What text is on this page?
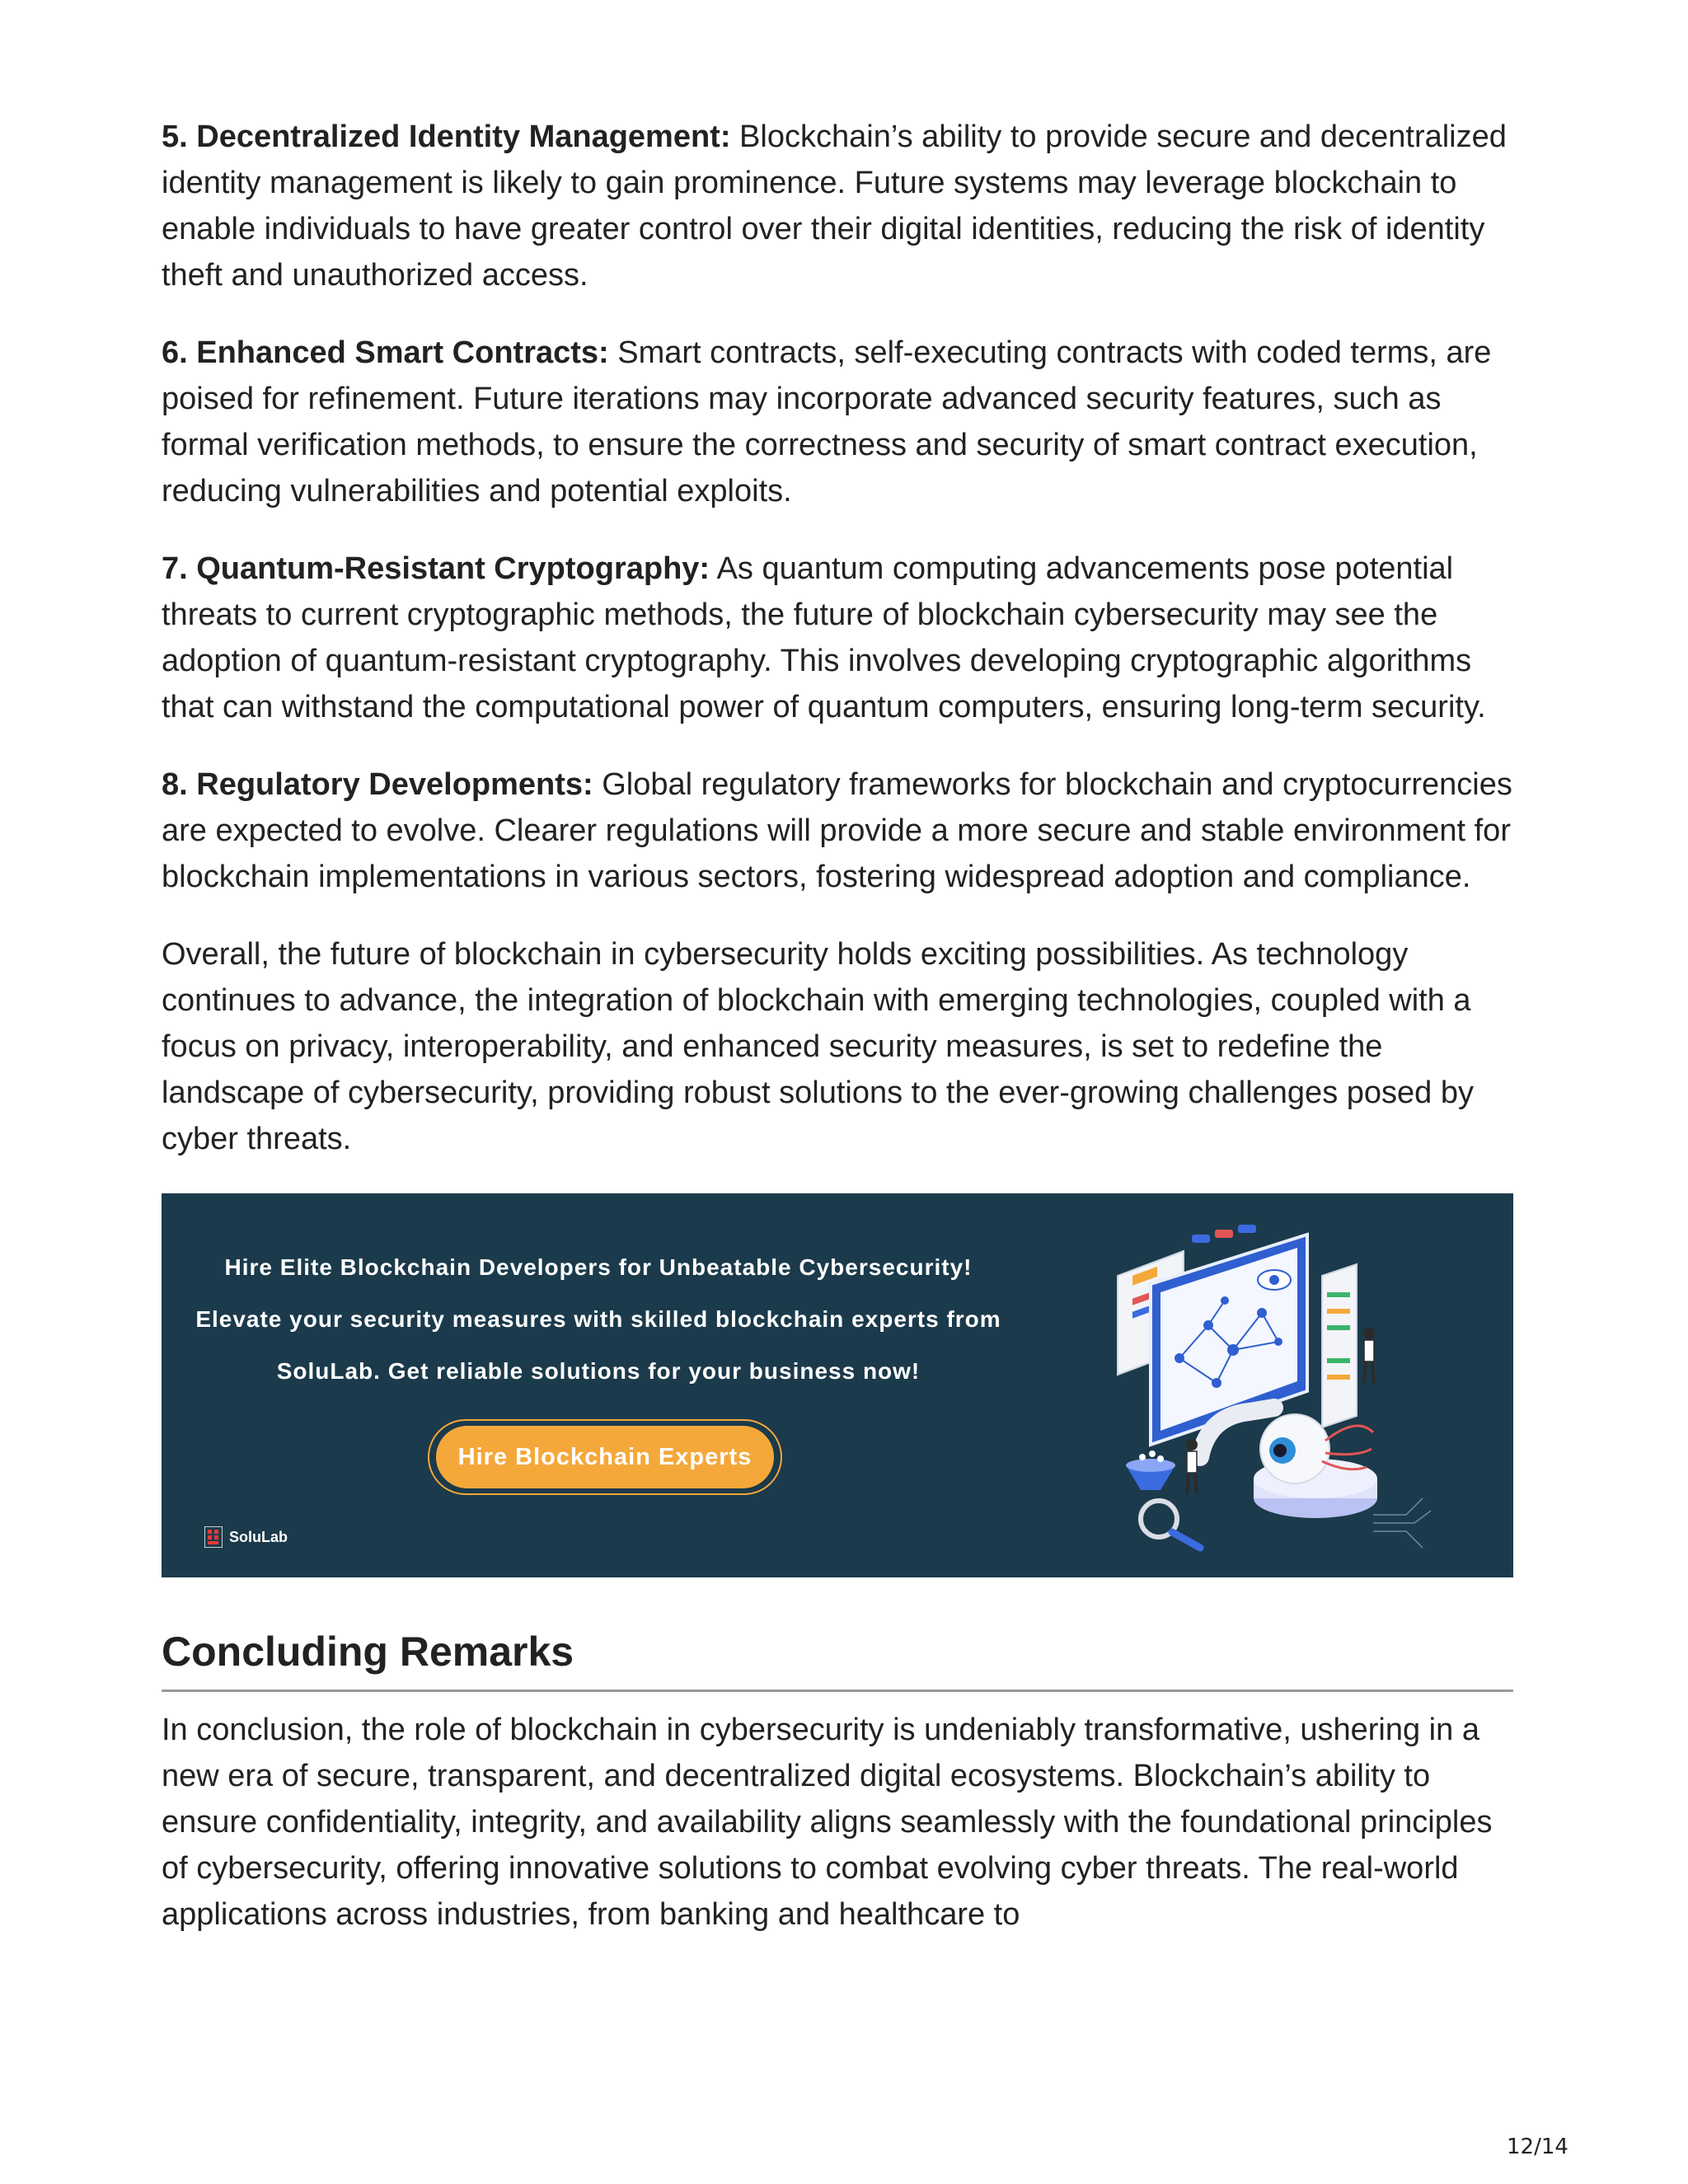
5. Decentralized Identity Management: Blockchain’s ability to provide secure and decentralized identity management is likely to gain prominence. Future systems may leverage blockchain to enable individuals to have greater control over their digital identities, reducing the risk of identity theft and unauthorized access.

6. Enhanced Smart Contracts: Smart contracts, self-executing contracts with coded terms, are poised for refinement. Future iterations may incorporate advanced security features, such as formal verification methods, to ensure the correctness and security of smart contract execution, reducing vulnerabilities and potential exploits.

7. Quantum-Resistant Cryptography: As quantum computing advancements pose potential threats to current cryptographic methods, the future of blockchain cybersecurity may see the adoption of quantum-resistant cryptography. This involves developing cryptographic algorithms that can withstand the computational power of quantum computers, ensuring long-term security.

8. Regulatory Developments: Global regulatory frameworks for blockchain and cryptocurrencies are expected to evolve. Clearer regulations will provide a more secure and stable environment for blockchain implementations in various sectors, fostering widespread adoption and compliance.

Overall, the future of blockchain in cybersecurity holds exciting possibilities. As technology continues to advance, the integration of blockchain with emerging technologies, coupled with a focus on privacy, interoperability, and enhanced security measures, is set to redefine the landscape of cybersecurity, providing robust solutions to the ever-growing challenges posed by cyber threats.

Hire Elite Blockchain Developers for Unbeatable Cybersecurity!
Elevate your security measures with skilled blockchain experts from
SoluLab. Get reliable solutions for your business now!
Hire Blockchain Experts
SoluLab
Concluding Remarks

In conclusion, the role of blockchain in cybersecurity is undeniably transformative, ushering in a new era of secure, transparent, and decentralized digital ecosystems. Blockchain’s ability to ensure confidentiality, integrity, and availability aligns seamlessly with the foundational principles of cybersecurity, offering innovative solutions to combat evolving cyber threats. The real-world applications across industries, from banking and healthcare to

12/14
